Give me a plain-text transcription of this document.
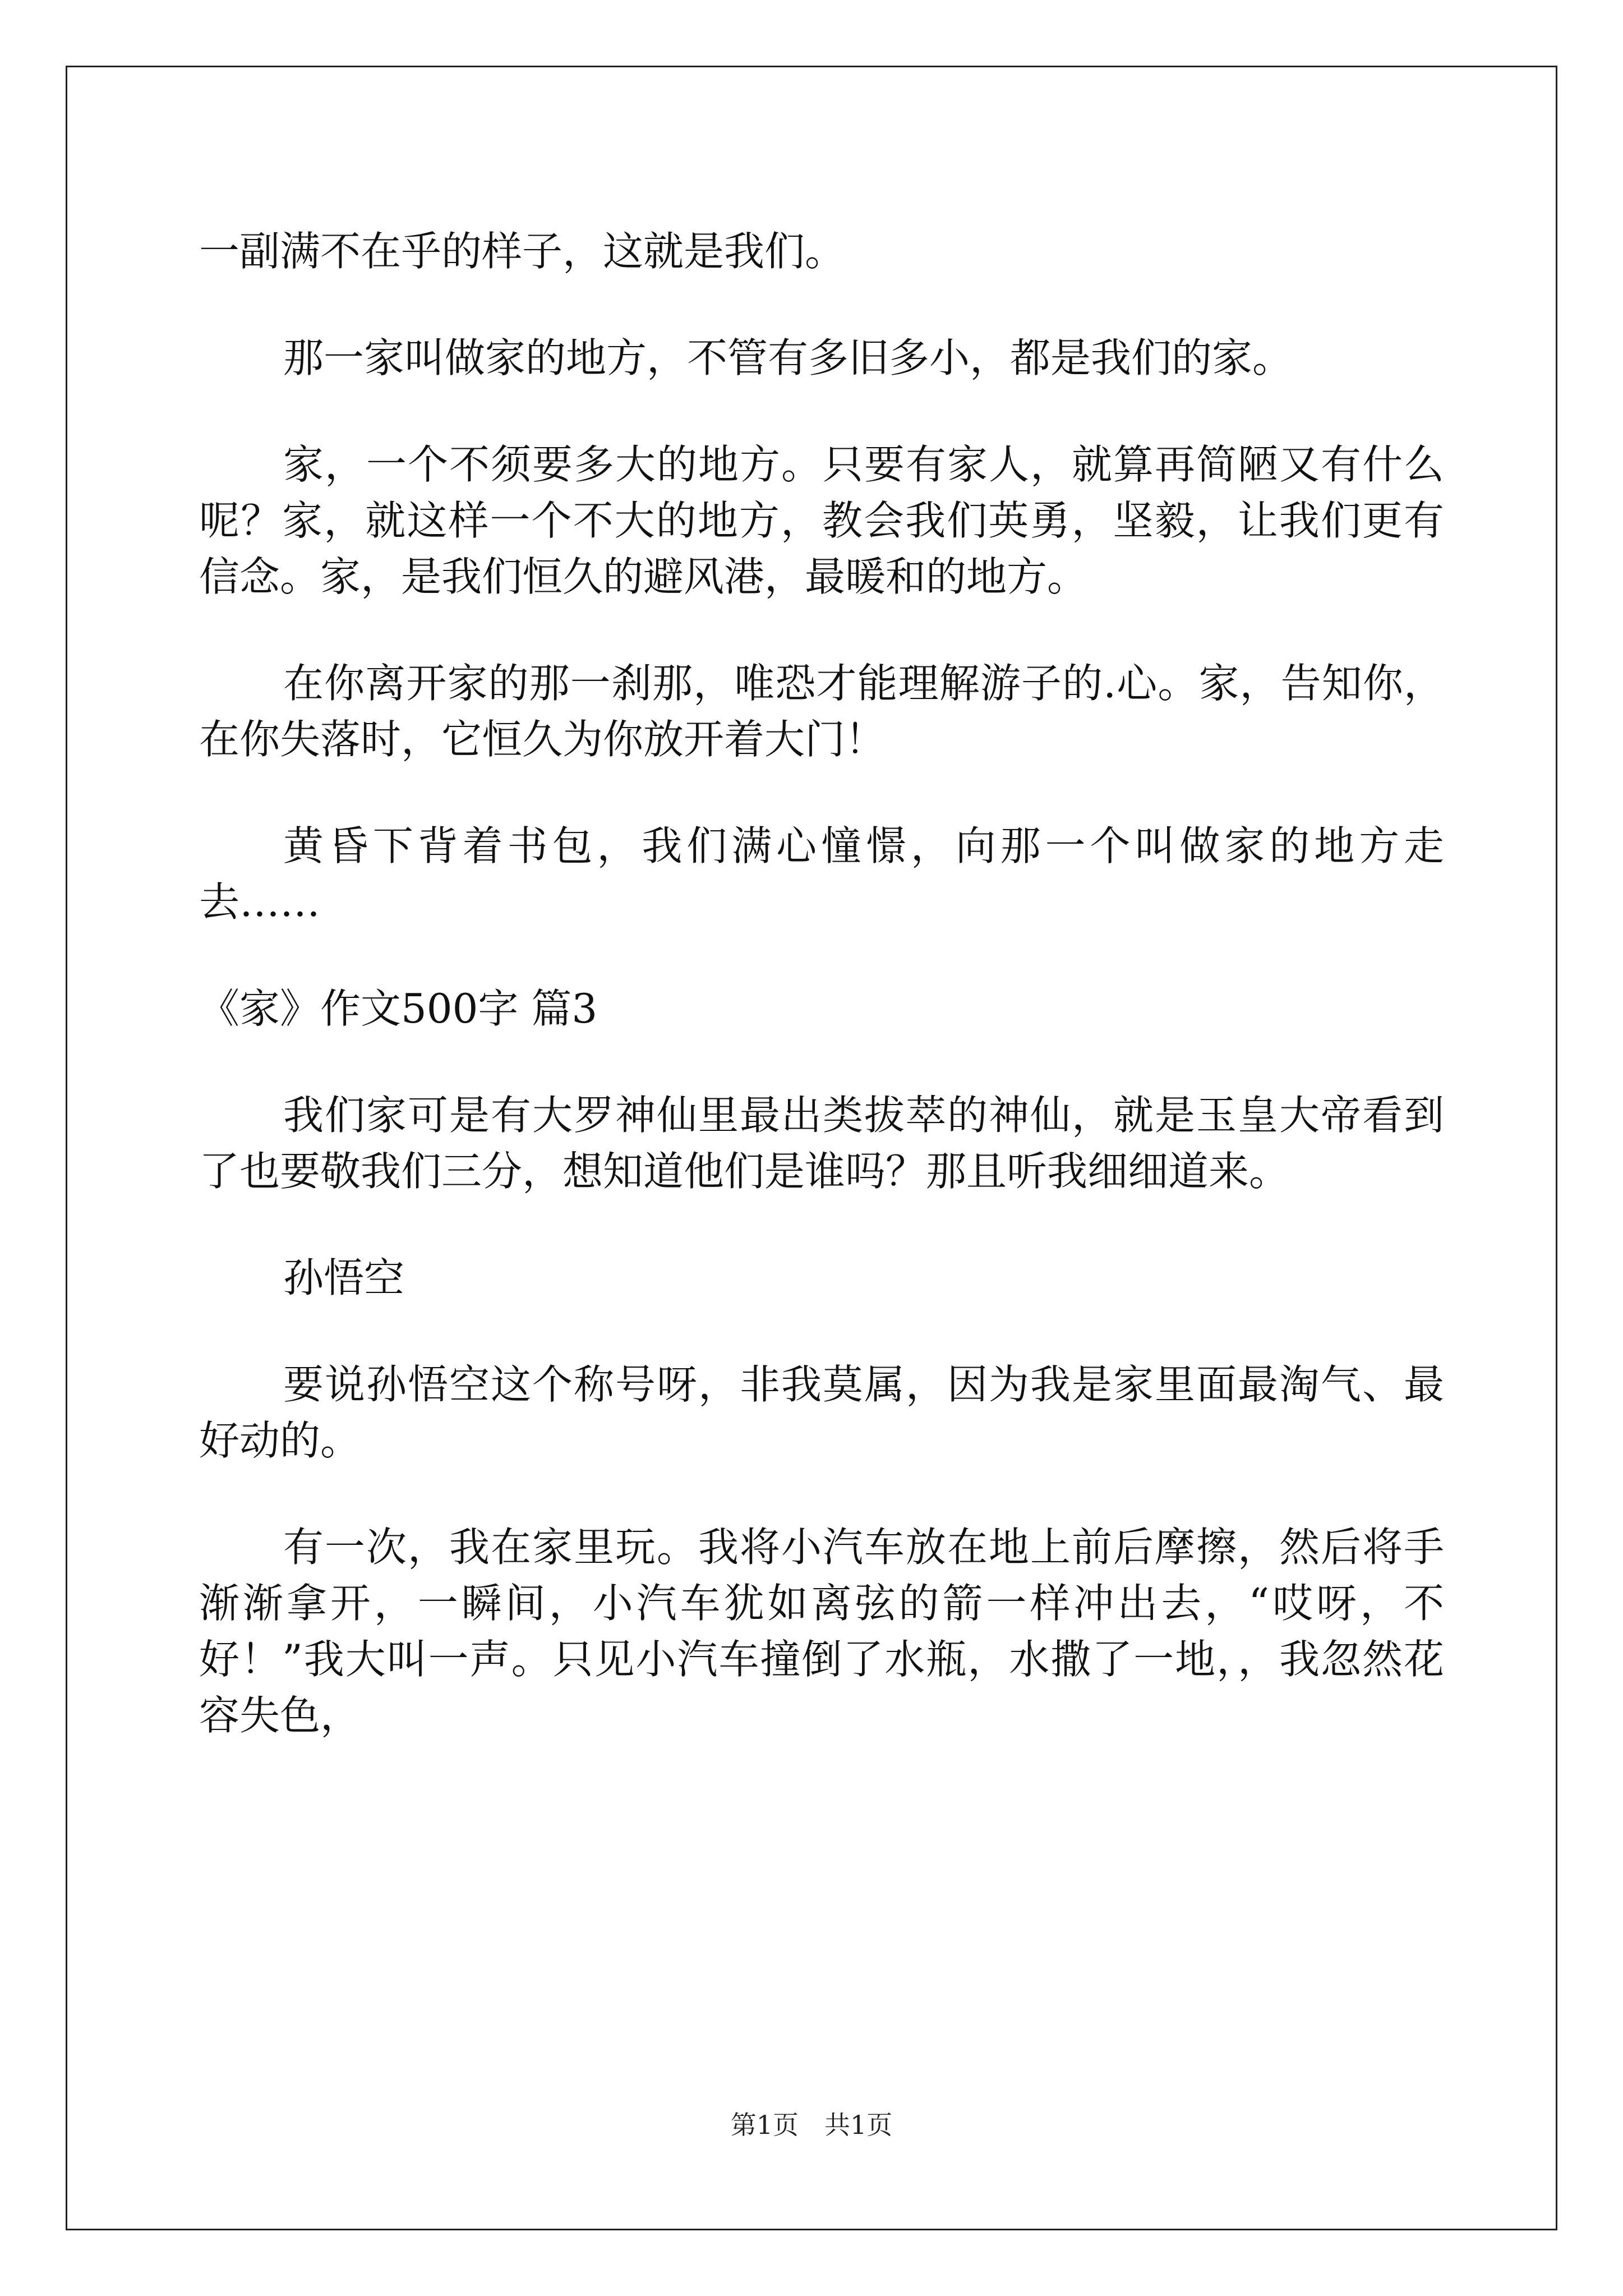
一副满不在乎的样子，这就是我们。

那一家叫做家的地方，不管有多旧多小，都是我们的家。

家，一个不须要多大的地方。只要有家人，就算再简陋又有什么呢？家，就这样一个不大的地方，教会我们英勇，坚毅，让我们更有信念。家，是我们恒久的避风港，最暖和的地方。

在你离开家的那一刹那，唯恐才能理解游子的.心。家，告知你，在你失落时，它恒久为你放开着大门！

黄昏下背着书包，我们满心憧憬，向那一个叫做家的地方走去……

《家》作文500字 篇3

我们家可是有大罗神仙里最出类拔萃的神仙，就是玉皇大帝看到了也要敬我们三分，想知道他们是谁吗？那且听我细细道来。

孙悟空

要说孙悟空这个称号呀，非我莫属，因为我是家里面最淘气、最好动的。

有一次，我在家里玩。我将小汽车放在地上前后摩擦，然后将手渐渐拿开，一瞬间，小汽车犹如离弦的箭一样冲出去，“哎呀，不好！”我大叫一声。只见小汽车撞倒了水瓶，水撒了一地，，我忽然花容失色，

第1页　共1页
